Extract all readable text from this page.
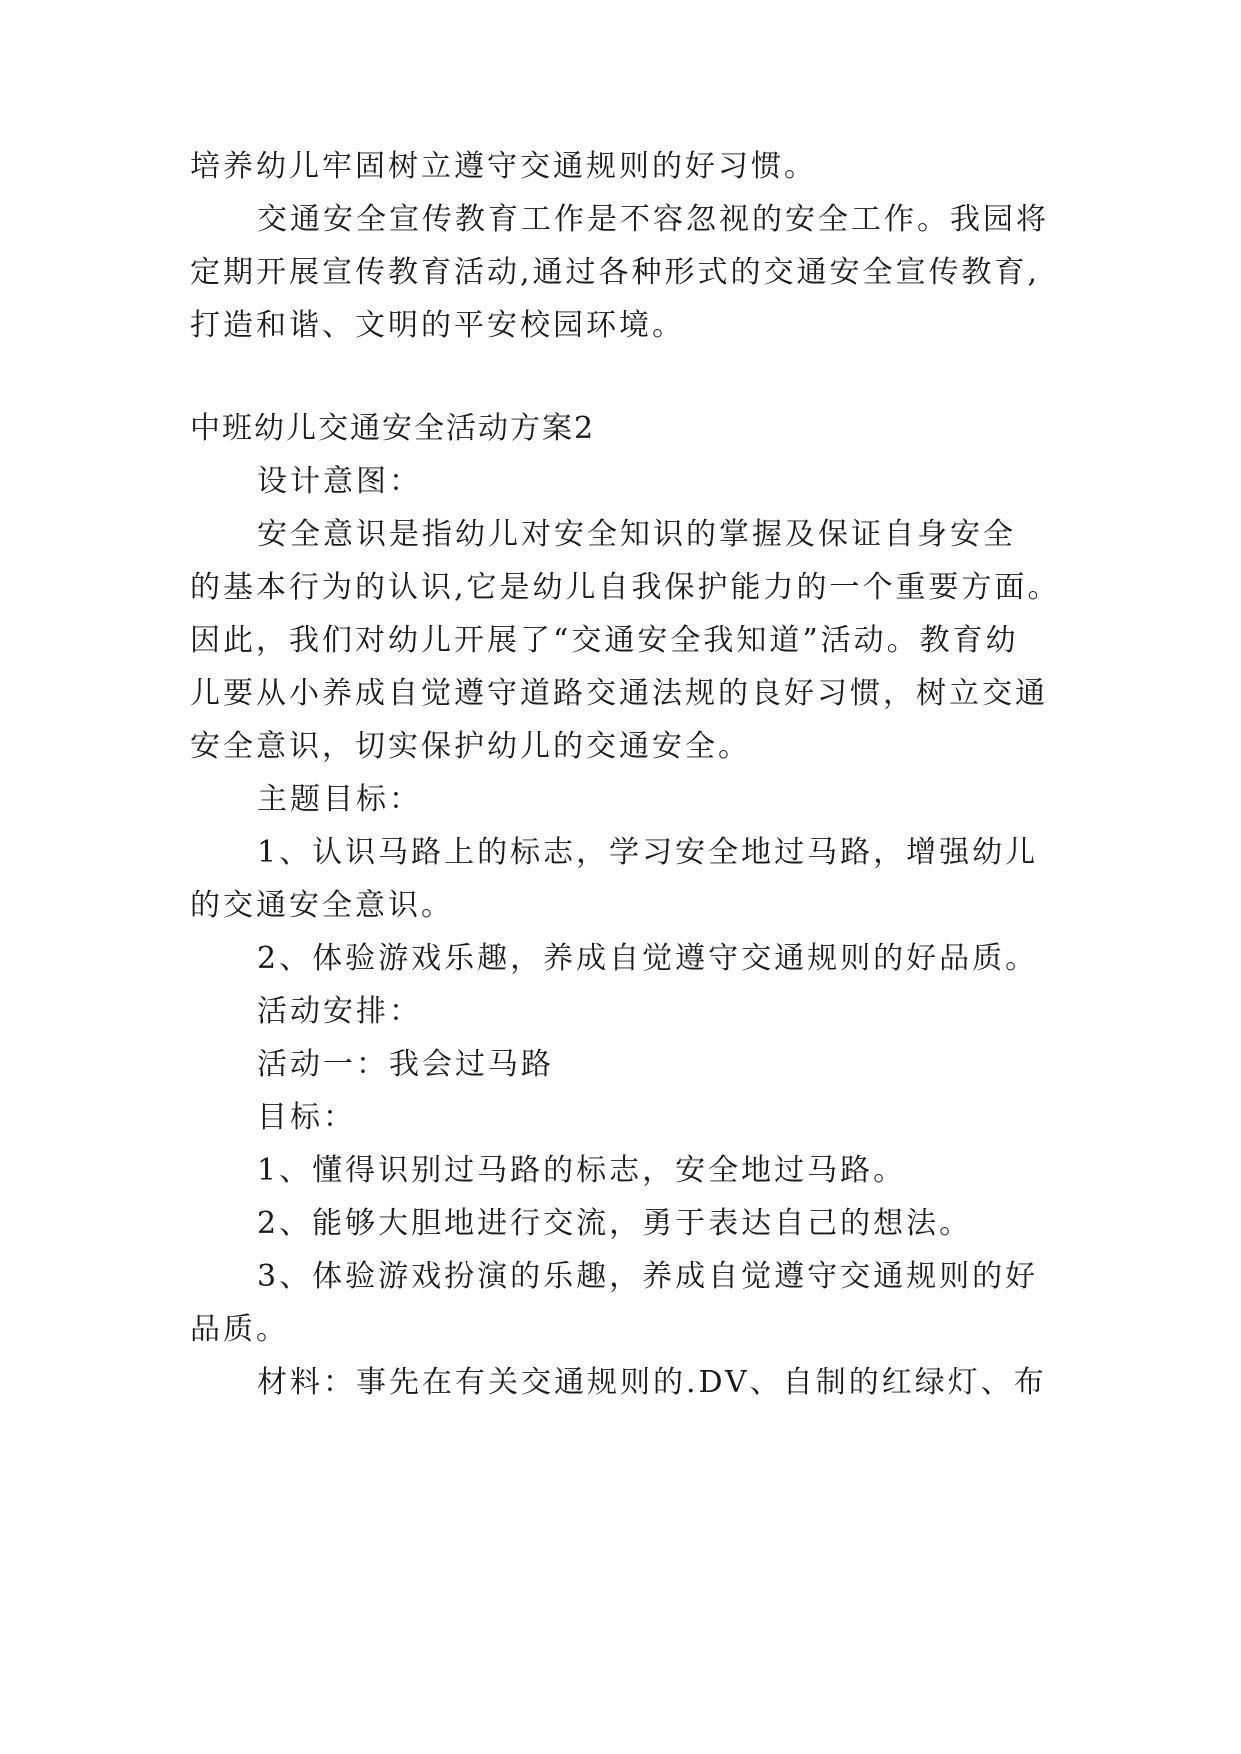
培养幼儿牢固树立遵守交通规则的好习惯。
交通安全宣传教育工作是不容忽视的安全工作。我园将
定期开展宣传教育活动,通过各种形式的交通安全宣传教育,
打造和谐、文明的平安校园环境。
中班幼儿交通安全活动方案2
设计意图：
安全意识是指幼儿对安全知识的掌握及保证自身安全
的基本行为的认识,它是幼儿自我保护能力的一个重要方面。
因此，我们对幼儿开展了“交通安全我知道”活动。教育幼
儿要从小养成自觉遵守道路交通法规的良好习惯，树立交通
安全意识，切实保护幼儿的交通安全。
主题目标：
1、认识马路上的标志，学习安全地过马路，增强幼儿
的交通安全意识。
2、体验游戏乐趣，养成自觉遵守交通规则的好品质。
活动安排：
活动一：我会过马路
目标：
1、懂得识别过马路的标志，安全地过马路。
2、能够大胆地进行交流，勇于表达自己的想法。
3、体验游戏扮演的乐趣，养成自觉遵守交通规则的好
品质。
材料：事先在有关交通规则的.DV、自制的红绿灯、布
